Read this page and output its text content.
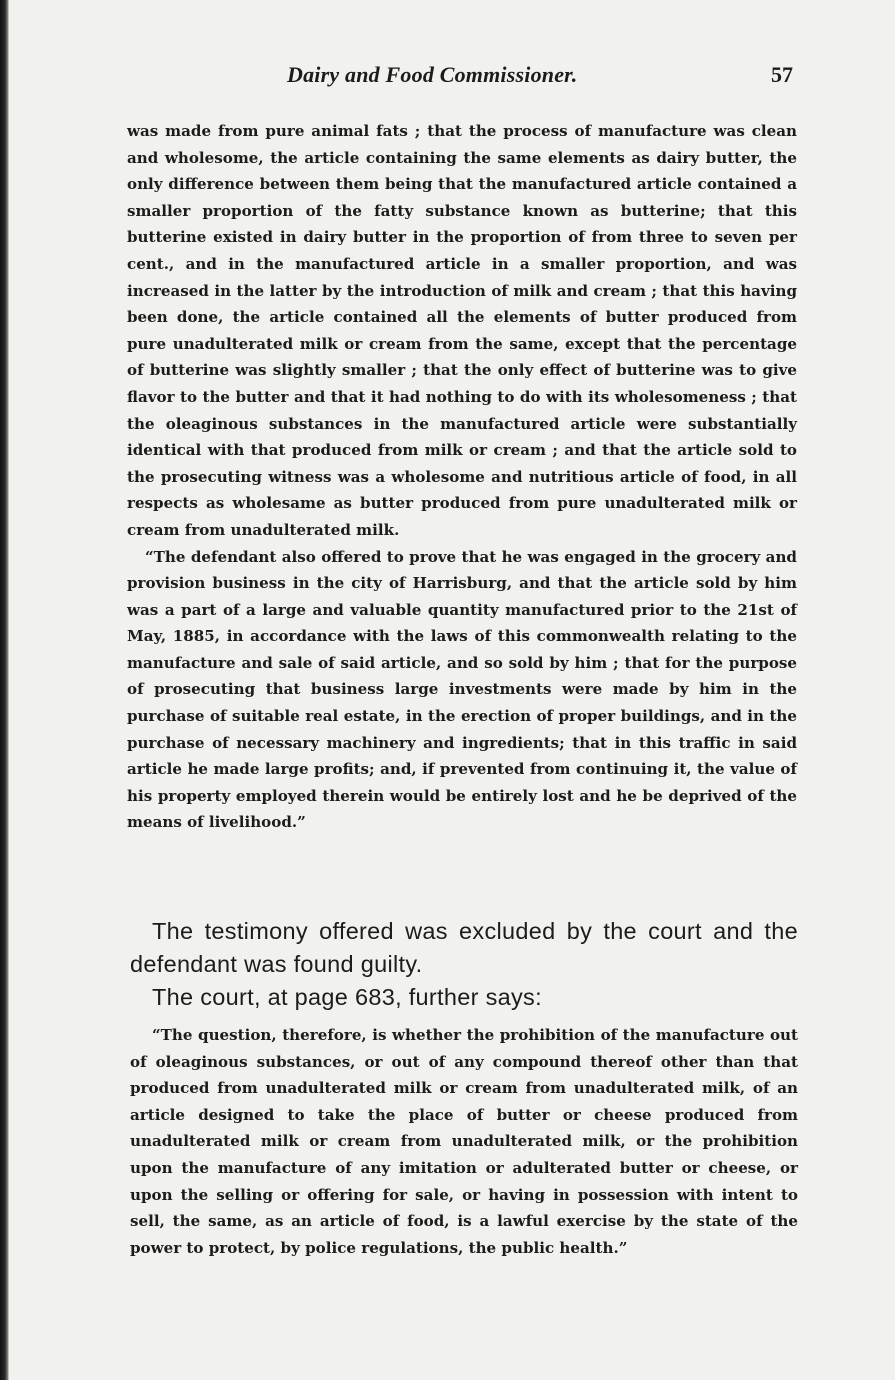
Dairy and Food Commissioner.	57

was made from pure animal fats ; that the process of manufacture was clean and wholesome, the article containing the same elements as dairy butter, the only difference between them being that the manufactured article contained a smaller proportion of the fatty substance known as butterine; that this butterine existed in dairy butter in the proportion of from three to seven per cent., and in the manufactured article in a smaller proportion, and was increased in the latter by the introduction of milk and cream ; that this having been done, the article contained all the elements of butter produced from pure unadulterated milk or cream from the same, except that the percentage of butterine was slightly smaller ; that the only effect of butterine was to give flavor to the butter and that it had nothing to do with its wholesomeness ; that the oleaginous substances in the manufactured article were substantially identical with that produced from milk or cream ; and that the article sold to the prosecuting witness was a wholesome and nutritious article of food, in all respects as wholesame as butter produced from pure unadulterated milk or cream from unadulterated milk.

“The defendant also offered to prove that he was engaged in the grocery and provision business in the city of Harrisburg, and that the article sold by him was a part of a large and valuable quantity manufactured prior to the 21st of May, 1885, in accordance with the laws of this commonwealth relating to the manufacture and sale of said article, and so sold by him ; that for the purpose of prosecuting that business large investments were made by him in the purchase of suitable real estate, in the erection of proper buildings, and in the purchase of necessary machinery and ingredients; that in this traffic in said article he made large profits; and, if prevented from continuing it, the value of his property employed therein would be entirely lost and he be deprived of the means of livelihood.”

The testimony offered was excluded by the court and the defendant was found guilty.

The court, at page 683, further says:

“The question, therefore, is whether the prohibition of the manufacture out of oleaginous substances, or out of any compound thereof other than that produced from unadulterated milk or cream from unadulterated milk, of an article designed to take the place of butter or cheese produced from unadulterated milk or cream from unadulterated milk, or the prohibition upon the manufacture of any imitation or adulterated butter or cheese, or upon the selling or offering for sale, or having in possession with intent to sell, the same, as an article of food, is a lawful exercise by the state of the power to protect, by police regulations, the public health.”
